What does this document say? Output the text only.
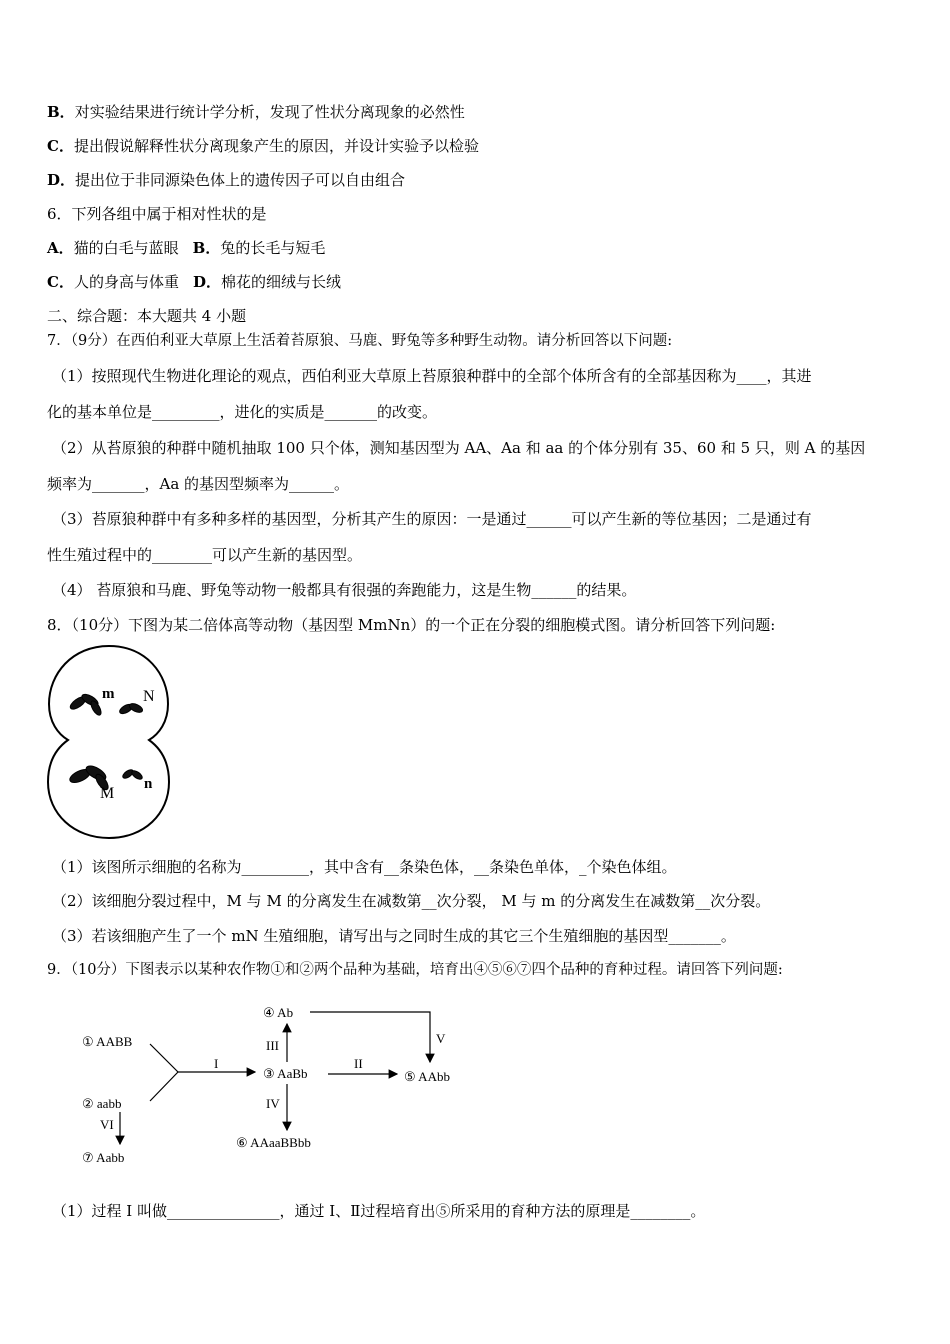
B．对实验结果进行统计学分析，发现了性状分离现象的必然性
C．提出假说解释性状分离现象产生的原因，并设计实验予以检验
D．提出位于非同源染色体上的遗传因子可以自由组合
6．下列各组中属于相对性状的是
A．猫的白毛与蓝眼 B．兔的长毛与短毛
C．人的身高与体重 D．棉花的细绒与长绒
二、综合题：本大题共 4 小题
7．（9分）在西伯利亚大草原上生活着苔原狼、马鹿、野兔等多种野生动物。请分析回答以下问题:
（1）按照现代生物进化理论的观点，西伯利亚大草原上苔原狼种群中的全部个体所含有的全部基因称为____，其进
化的基本单位是_________，进化的实质是_______的改变。
（2）从苔原狼的种群中随机抽取 100 只个体，测知基因型为 AA、Aa 和 aa 的个体分别有 35、60 和 5 只，则 A 的基因
频率为_______，Aa 的基因型频率为______。
（3）苔原狼种群中有多种多样的基因型，分析其产生的原因：一是通过______可以产生新的等位基因；二是通过有
性生殖过程中的________可以产生新的基因型。
（4） 苔原狼和马鹿、野兔等动物一般都具有很强的奔跑能力，这是生物______的结果。
8．（10分）下图为某二倍体高等动物（基因型 MmNn）的一个正在分裂的细胞模式图。请分析回答下列问题:
m N
M
n
（1）该图所示细胞的名称为_________，其中含有__条染色体，__条染色单体，_个染色体组。
（2）该细胞分裂过程中，M 与 M 的分离发生在减数第__次分裂， M 与 m 的分离发生在减数第__次分裂。
（3）若该细胞产生了一个 mN 生殖细胞，请写出与之同时生成的其它三个生殖细胞的基因型_______。
9．（10分）下图表示以某种农作物①和②两个品种为基础，培育出④⑤⑥⑦四个品种的育种过程。请回答下列问题:
① AABB
② aabb
③ AaBb
④ Ab
⑤ AAbb
⑥ AAaaBBbb
⑦ Aabb
I	II
III
IV
V
VI
（1）过程 I 叫做_______________，通过 I、Ⅱ过程培育出⑤所采用的育种方法的原理是________。
